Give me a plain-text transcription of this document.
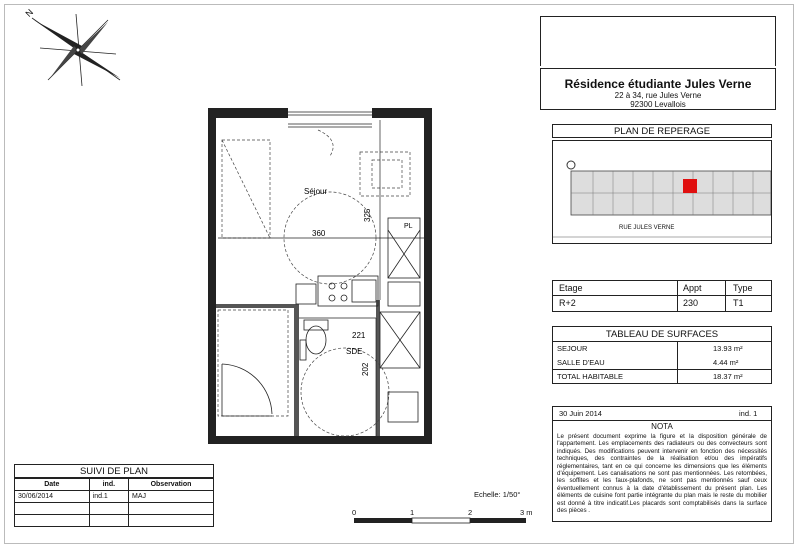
N
Séjour
360
325
SDE
221
202
PL
Résidence étudiante Jules Verne
22 à 34, rue Jules Verne
92300 Levallois
PLAN DE REPERAGE
RUE JULES VERNE
Etage	Appt	Type
R+2	230	T1
TABLEAU DE SURFACES
SEJOUR	13.93 m²
SALLE D'EAU	4.44 m²
TOTAL HABITABLE	18.37 m²
30 Juin 2014	ind. 1
NOTA
Le présent document exprime la figure et la disposition générale de l'appartement. Les emplacements des radiateurs ou des convecteurs sont indiqués. Des modifications peuvent intervenir en fonction des nécessités techniques, des contraintes de la réalisation et/ou des impératifs réglementaires, tant en ce qui concerne les dimensions que les éléments d'équipement. Les canalisations ne sont pas mentionnées. Les retombées, les soffites et les faux-plafonds, ne sont pas mentionnés sauf ceux éventuellement connus à la date d'établissement du présent plan. Les éléments de cuisine font partie intégrante du plan mais le reste du mobilier est donné à titre indicatif.Les placards sont comptabilisés dans la surface des pièces .
SUIVI DE PLAN
Date	ind.	Observation
30/06/2014	ind.1	MAJ

			Echelle: 1/50°
0	1	2	3 m
